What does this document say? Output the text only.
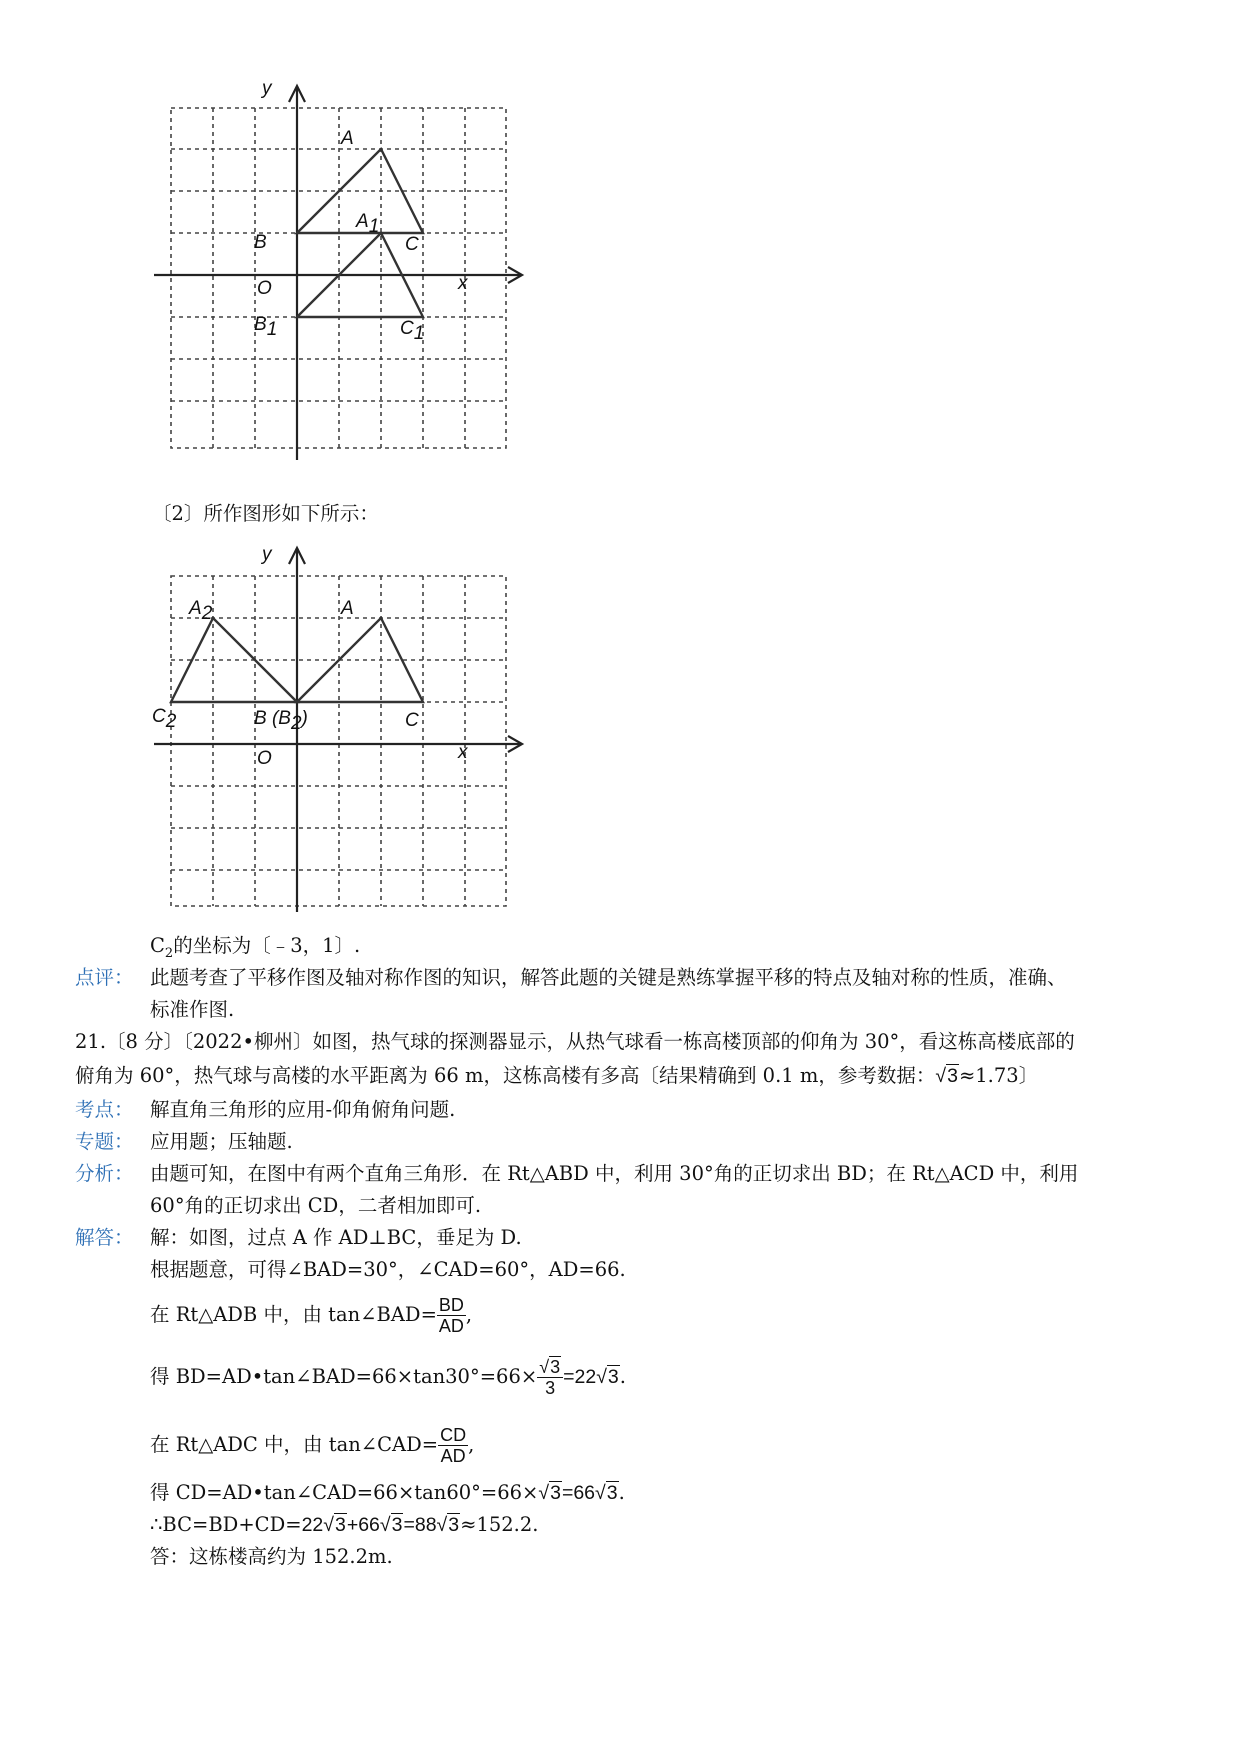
y
x
O
A
B	C
A1
B1	C1
〔2〕所作图形如下所示：
y
x
O
A
A2
C
C2	B (B2)
$C_2$的坐标为〔﹣3，1〕.
点评： 此题考查了平移作图及轴对称作图的知识，解答此题的关键是熟练掌握平移的特点及轴对称的性质，准确、
标准作图.
21.〔8 分〕〔2022•柳州〕如图，热气球的探测器显示，从热气球看一栋高楼顶部的仰角为 30°，看这栋高楼底部的
俯角为 60°，热气球与高楼的水平距离为 66 m，这栋高楼有多高〔结果精确到 0.1 m，参考数据：√3≈1.73〕
考点： 解直角三角形的应用-仰角俯角问题.
专题： 应用题；压轴题.
分析： 由题可知，在图中有两个直角三角形．在 Rt△ABD 中，利用 30°角的正切求出 BD；在 Rt△ACD 中，利用
60°角的正切求出 CD，二者相加即可.
解答： 解：如图，过点 A 作 AD⊥BC，垂足为 D.
根据题意，可得∠BAD=30°，∠CAD=60°，AD=66.
在 Rt△ADB 中，由 tan∠BAD= $\frac{BD}{AD}$ ,
得 BD=AD•tan∠BAD=66×tan30°=66× $\frac{√3}{3} =22√3$.
在 Rt△ADC 中，由 tan∠CAD= $\frac{CD}{AD}$ ,
得 CD=AD•tan∠CAD=66×tan60°=66×√3=66√3.
∴BC=BD+CD=22√3+66√3=88√3≈152.2.
答：这栋楼高约为 152.2m.
